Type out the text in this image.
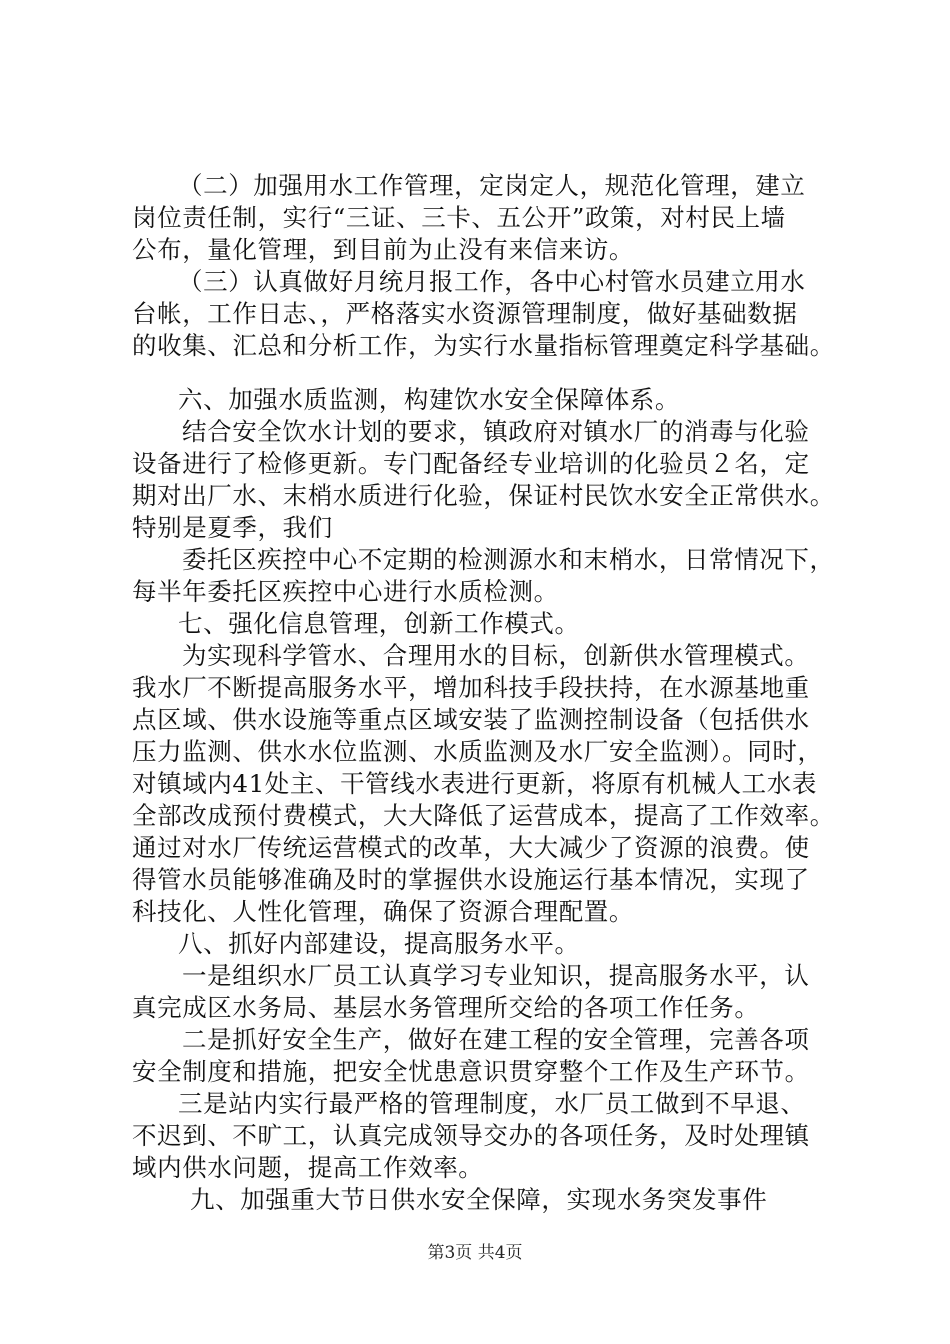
（二）加强用水工作管理，定岗定人，规范化管理，建立
岗位责任制，实行“三证、三卡、五公开”政策，对村民上墙
公布，量化管理，到目前为止没有来信来访。
（三）认真做好月统月报工作，各中心村管水员建立用水
台帐，工作日志、，严格落实水资源管理制度，做好基础数据
的收集、汇总和分析工作，为实行水量指标管理奠定科学基础。
六、加强水质监测，构建饮水安全保障体系。
结合安全饮水计划的要求，镇政府对镇水厂的消毒与化验
设备进行了检修更新。专门配备经专业培训的化验员２名，定
期对出厂水、末梢水质进行化验，保证村民饮水安全正常供水。
特别是夏季，我们
委托区疾控中心不定期的检测源水和末梢水，日常情况下，
每半年委托区疾控中心进行水质检测。
七、强化信息管理，创新工作模式。
为实现科学管水、合理用水的目标，创新供水管理模式。
我水厂不断提高服务水平，增加科技手段扶持，在水源基地重
点区域、供水设施等重点区域安装了监测控制设备（包括供水
压力监测、供水水位监测、水质监测及水厂安全监测）。同时，
对镇域内41处主、干管线水表进行更新，将原有机械人工水表
全部改成预付费模式，大大降低了运营成本，提高了工作效率。
通过对水厂传统运营模式的改革，大大减少了资源的浪费。使
得管水员能够准确及时的掌握供水设施运行基本情况，实现了
科技化、人性化管理，确保了资源合理配置。
八、抓好内部建设，提高服务水平。
一是组织水厂员工认真学习专业知识，提高服务水平，认
真完成区水务局、基层水务管理所交给的各项工作任务。
二是抓好安全生产，做好在建工程的安全管理，完善各项
安全制度和措施，把安全忧患意识贯穿整个工作及生产环节。
三是站内实行最严格的管理制度，水厂员工做到不早退、
不迟到、不旷工，认真完成领导交办的各项任务，及时处理镇
域内供水问题，提高工作效率。
九、加强重大节日供水安全保障，实现水务突发事件
第3页 共4页
